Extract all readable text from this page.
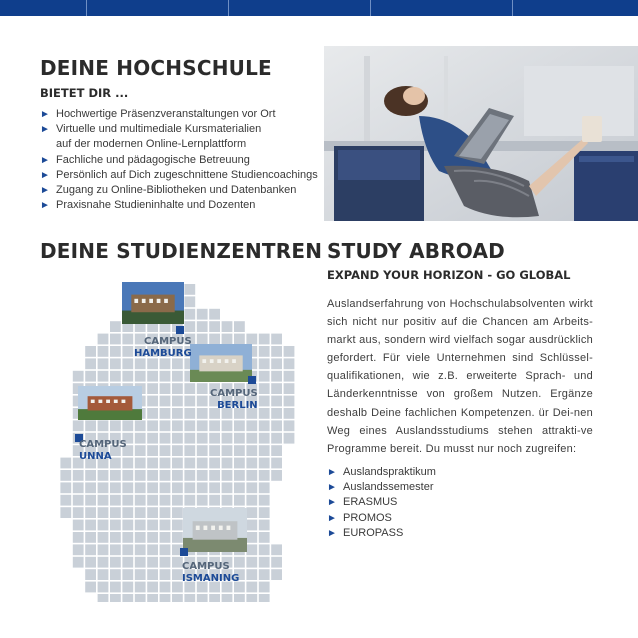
DEINE HOCHSCHULE
BIETET DIR ...
► Hochwertige Präsenzveranstaltungen vor Ort
► Virtuelle und multimediale Kursmaterialien
auf der modernen Online-Lernplattform
► Fachliche und pädagogische Betreuung
► Persönlich auf Dich zugeschnittene Studiencoachings
► Zugang zu Online-Bibliotheken und Datenbanken
► Praxisnahe Studieninhalte und Dozenten
DEINE STUDIENZENTREN
CAMPUS
HAMBURG
CAMPUS
BERLIN
CAMPUS
UNNA
CAMPUS
ISMANING
STUDY ABROAD
EXPAND YOUR HORIZON - GO GLOBAL

Auslandserfahrung von Hochschulabsolventen wirkt sich nicht nur positiv auf die Chancen am Arbeits-markt aus, sondern wird vielfach sogar ausdrücklich gefordert. Für viele Unternehmen sind Schlüssel-qualifikationen, wie z.B. erweiterte Sprach- und Länderkenntnisse von großem Nutzen. Ergänze deshalb Deine fachlichen Kompetenzen. ür Dei-nen Weg eines Auslandsstudiums stehen attrakti-ve Programme bereit. Du musst nur noch zugreifen:

► Auslandspraktikum
► Auslandssemester
► ERASMUS
► PROMOS
► EUROPASS
